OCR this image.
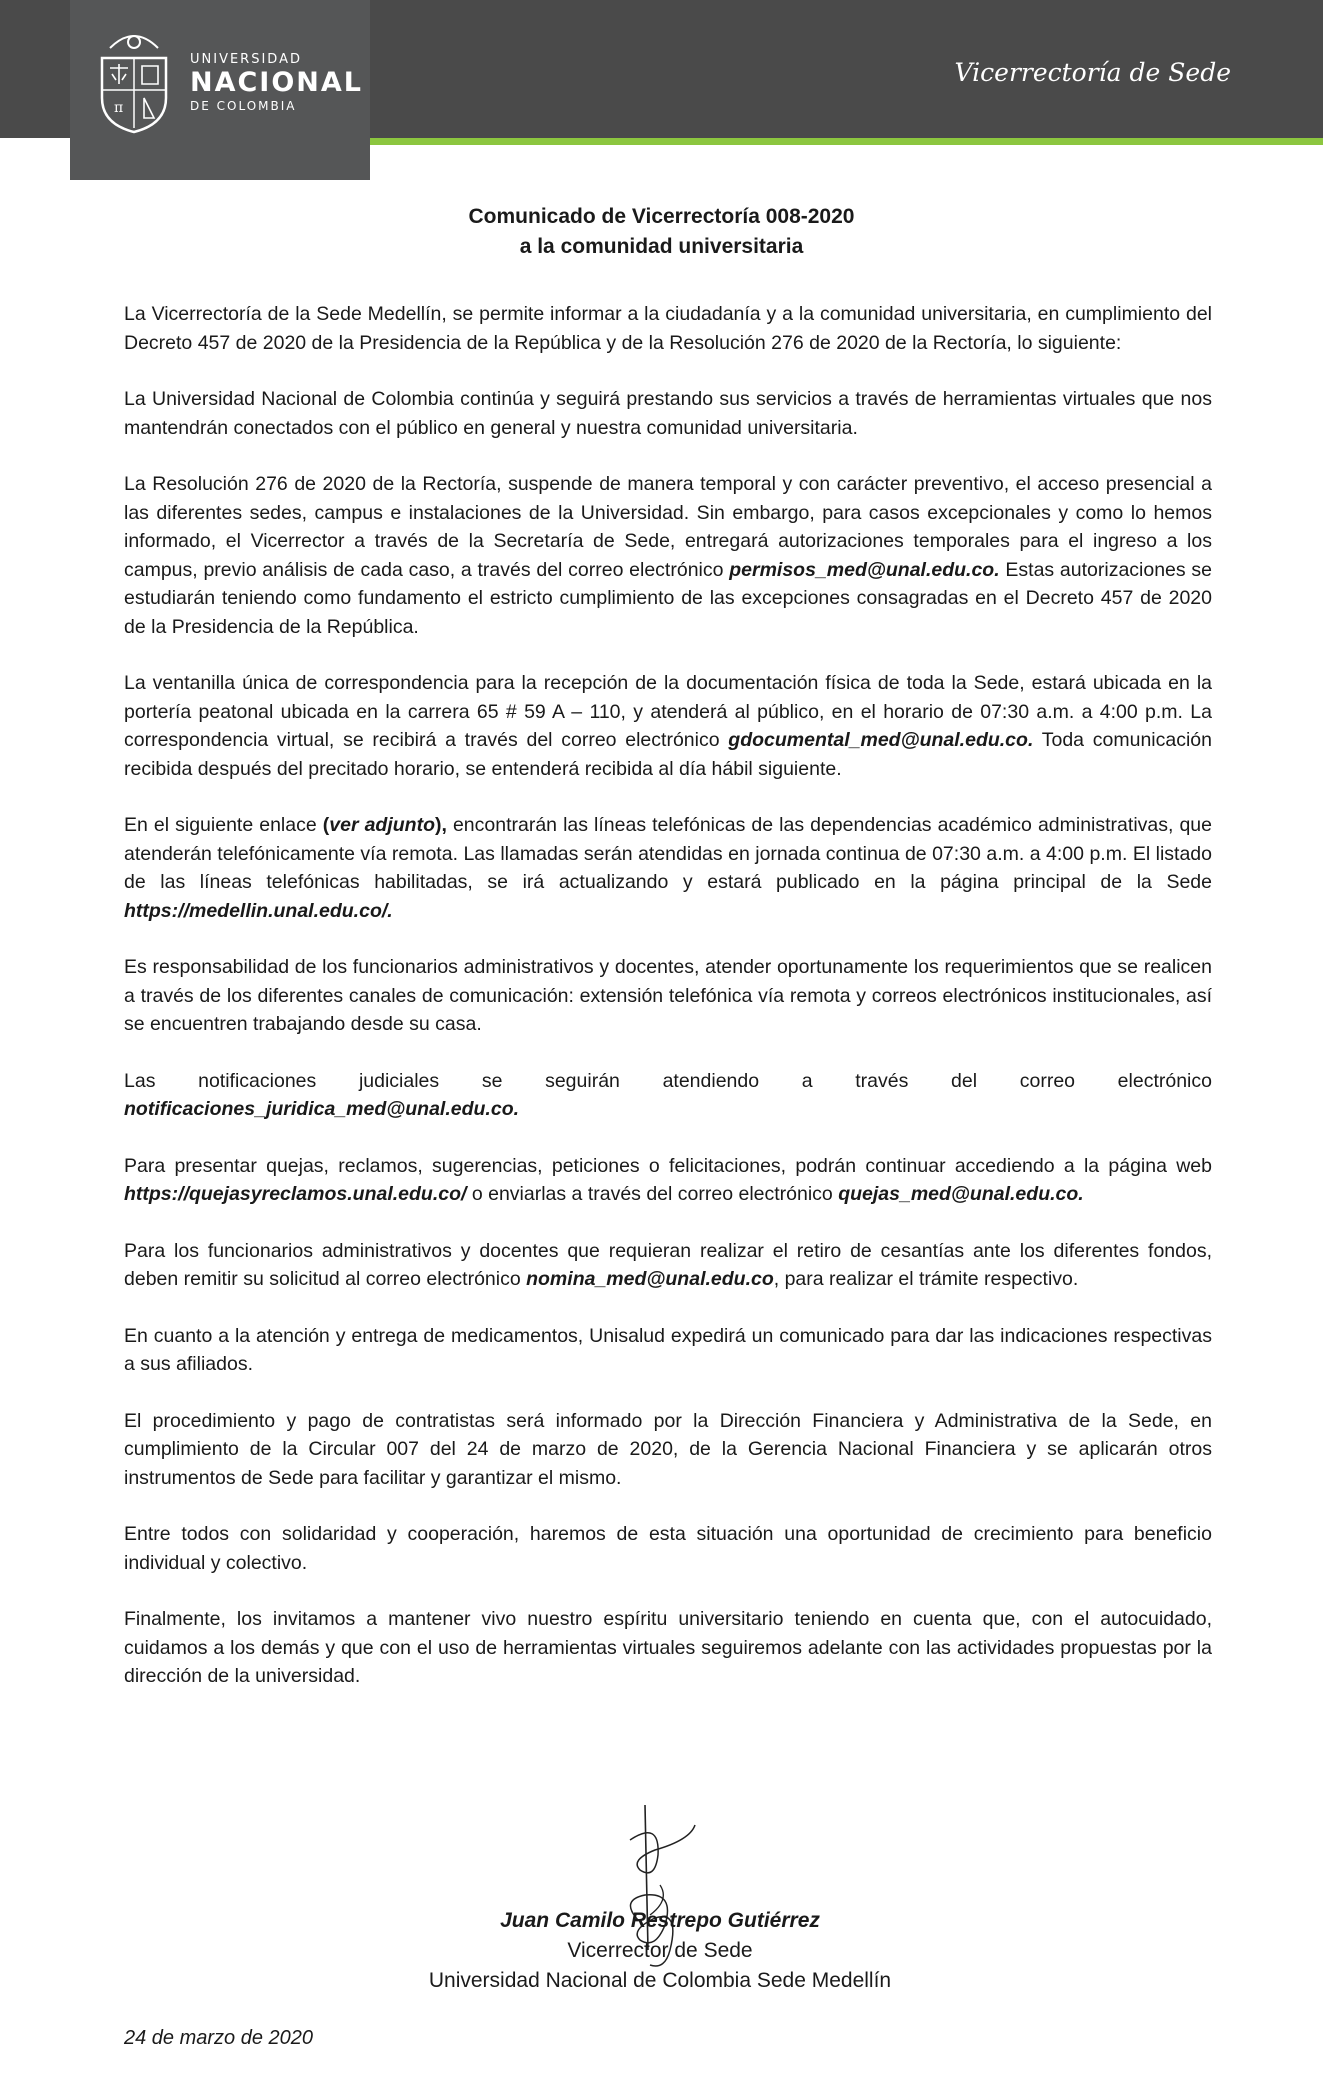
π
UNIVERSIDAD
NACIONAL
DE COLOMBIA
Vicerrectoría de Sede
Comunicado de Vicerrectoría 008-2020
a la comunidad universitaria

La Vicerrectoría de la Sede Medellín, se permite informar a la ciudadanía y a la comunidad universitaria, en cumplimiento del Decreto 457 de 2020 de la Presidencia de la República y de la Resolución 276 de 2020 de la Rectoría, lo siguiente:

La Universidad Nacional de Colombia continúa y seguirá prestando sus servicios a través de herramientas virtuales que nos mantendrán conectados con el público en general y nuestra comunidad universitaria.

La Resolución 276 de 2020 de la Rectoría, suspende de manera temporal y con carácter preventivo, el acceso presencial a las diferentes sedes, campus e instalaciones de la Universidad. Sin embargo, para casos excepcionales y como lo hemos informado, el Vicerrector a través de la Secretaría de Sede, entregará autorizaciones temporales para el ingreso a los campus, previo análisis de cada caso, a través del correo electrónico permisos_med@unal.edu.co. Estas autorizaciones se estudiarán teniendo como fundamento el estricto cumplimiento de las excepciones consagradas en el Decreto 457 de 2020 de la Presidencia de la República.

La ventanilla única de correspondencia para la recepción de la documentación física de toda la Sede, estará ubicada en la portería peatonal ubicada en la carrera 65 # 59 A – 110, y atenderá al público, en el horario de 07:30 a.m. a 4:00 p.m. La correspondencia virtual, se recibirá a través del correo electrónico gdocumental_med@unal.edu.co. Toda comunicación recibida después del precitado horario, se entenderá recibida al día hábil siguiente.

En el siguiente enlace (ver adjunto), encontrarán las líneas telefónicas de las dependencias académico administrativas, que atenderán telefónicamente vía remota. Las llamadas serán atendidas en jornada continua de 07:30 a.m. a 4:00 p.m. El listado de las líneas telefónicas habilitadas, se irá actualizando y estará publicado en la página principal de la Sede https://medellin.unal.edu.co/.

Es responsabilidad de los funcionarios administrativos y docentes, atender oportunamente los requerimientos que se realicen a través de los diferentes canales de comunicación: extensión telefónica vía remota y correos electrónicos institucionales, así se encuentren trabajando desde su casa.

Las notificaciones judiciales se seguirán atendiendo a través del correo electrónico notificaciones_juridica_med@unal.edu.co.

Para presentar quejas, reclamos, sugerencias, peticiones o felicitaciones, podrán continuar accediendo a la página web https://quejasyreclamos.unal.edu.co/ o enviarlas a través del correo electrónico quejas_med@unal.edu.co.

Para los funcionarios administrativos y docentes que requieran realizar el retiro de cesantías ante los diferentes fondos, deben remitir su solicitud al correo electrónico nomina_med@unal.edu.co, para realizar el trámite respectivo.

En cuanto a la atención y entrega de medicamentos, Unisalud expedirá un comunicado para dar las indicaciones respectivas a sus afiliados.

El procedimiento y pago de contratistas será informado por la Dirección Financiera y Administrativa de la Sede, en cumplimiento de la Circular 007 del 24 de marzo de 2020, de la Gerencia Nacional Financiera y se aplicarán otros instrumentos de Sede para facilitar y garantizar el mismo.

Entre todos con solidaridad y cooperación, haremos de esta situación una oportunidad de crecimiento para beneficio individual y colectivo.

Finalmente, los invitamos a mantener vivo nuestro espíritu universitario teniendo en cuenta que, con el autocuidado, cuidamos a los demás y que con el uso de herramientas virtuales seguiremos adelante con las actividades propuestas por la dirección de la universidad.

Juan Camilo Restrepo Gutiérrez
Vicerrector de Sede
Universidad Nacional de Colombia Sede Medellín
24 de marzo de 2020
